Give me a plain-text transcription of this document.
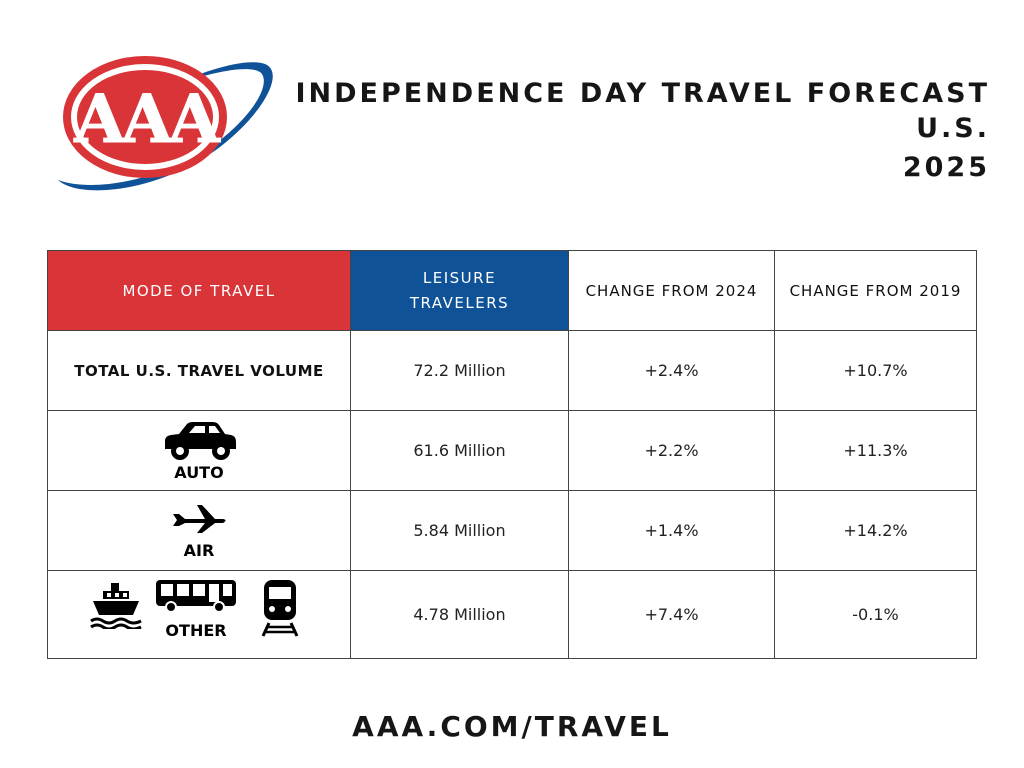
AAA	INDEPENDENCE DAY TRAVEL FORECAST
U.S.

2025
MODE OF TRAVEL	LEISURE TRAVELERS	CHANGE FROM 2024	CHANGE FROM 2019
TOTAL U.S. TRAVEL VOLUME	72.2 Million	+2.4%	+10.7%

AUTO	61.6 Million	+2.2%	+11.3%

AIR	5.84 Million	+1.4%	+14.2%

OTHER	4.78 Million	+7.4%	-0.1%
AAA.COM/TRAVEL
